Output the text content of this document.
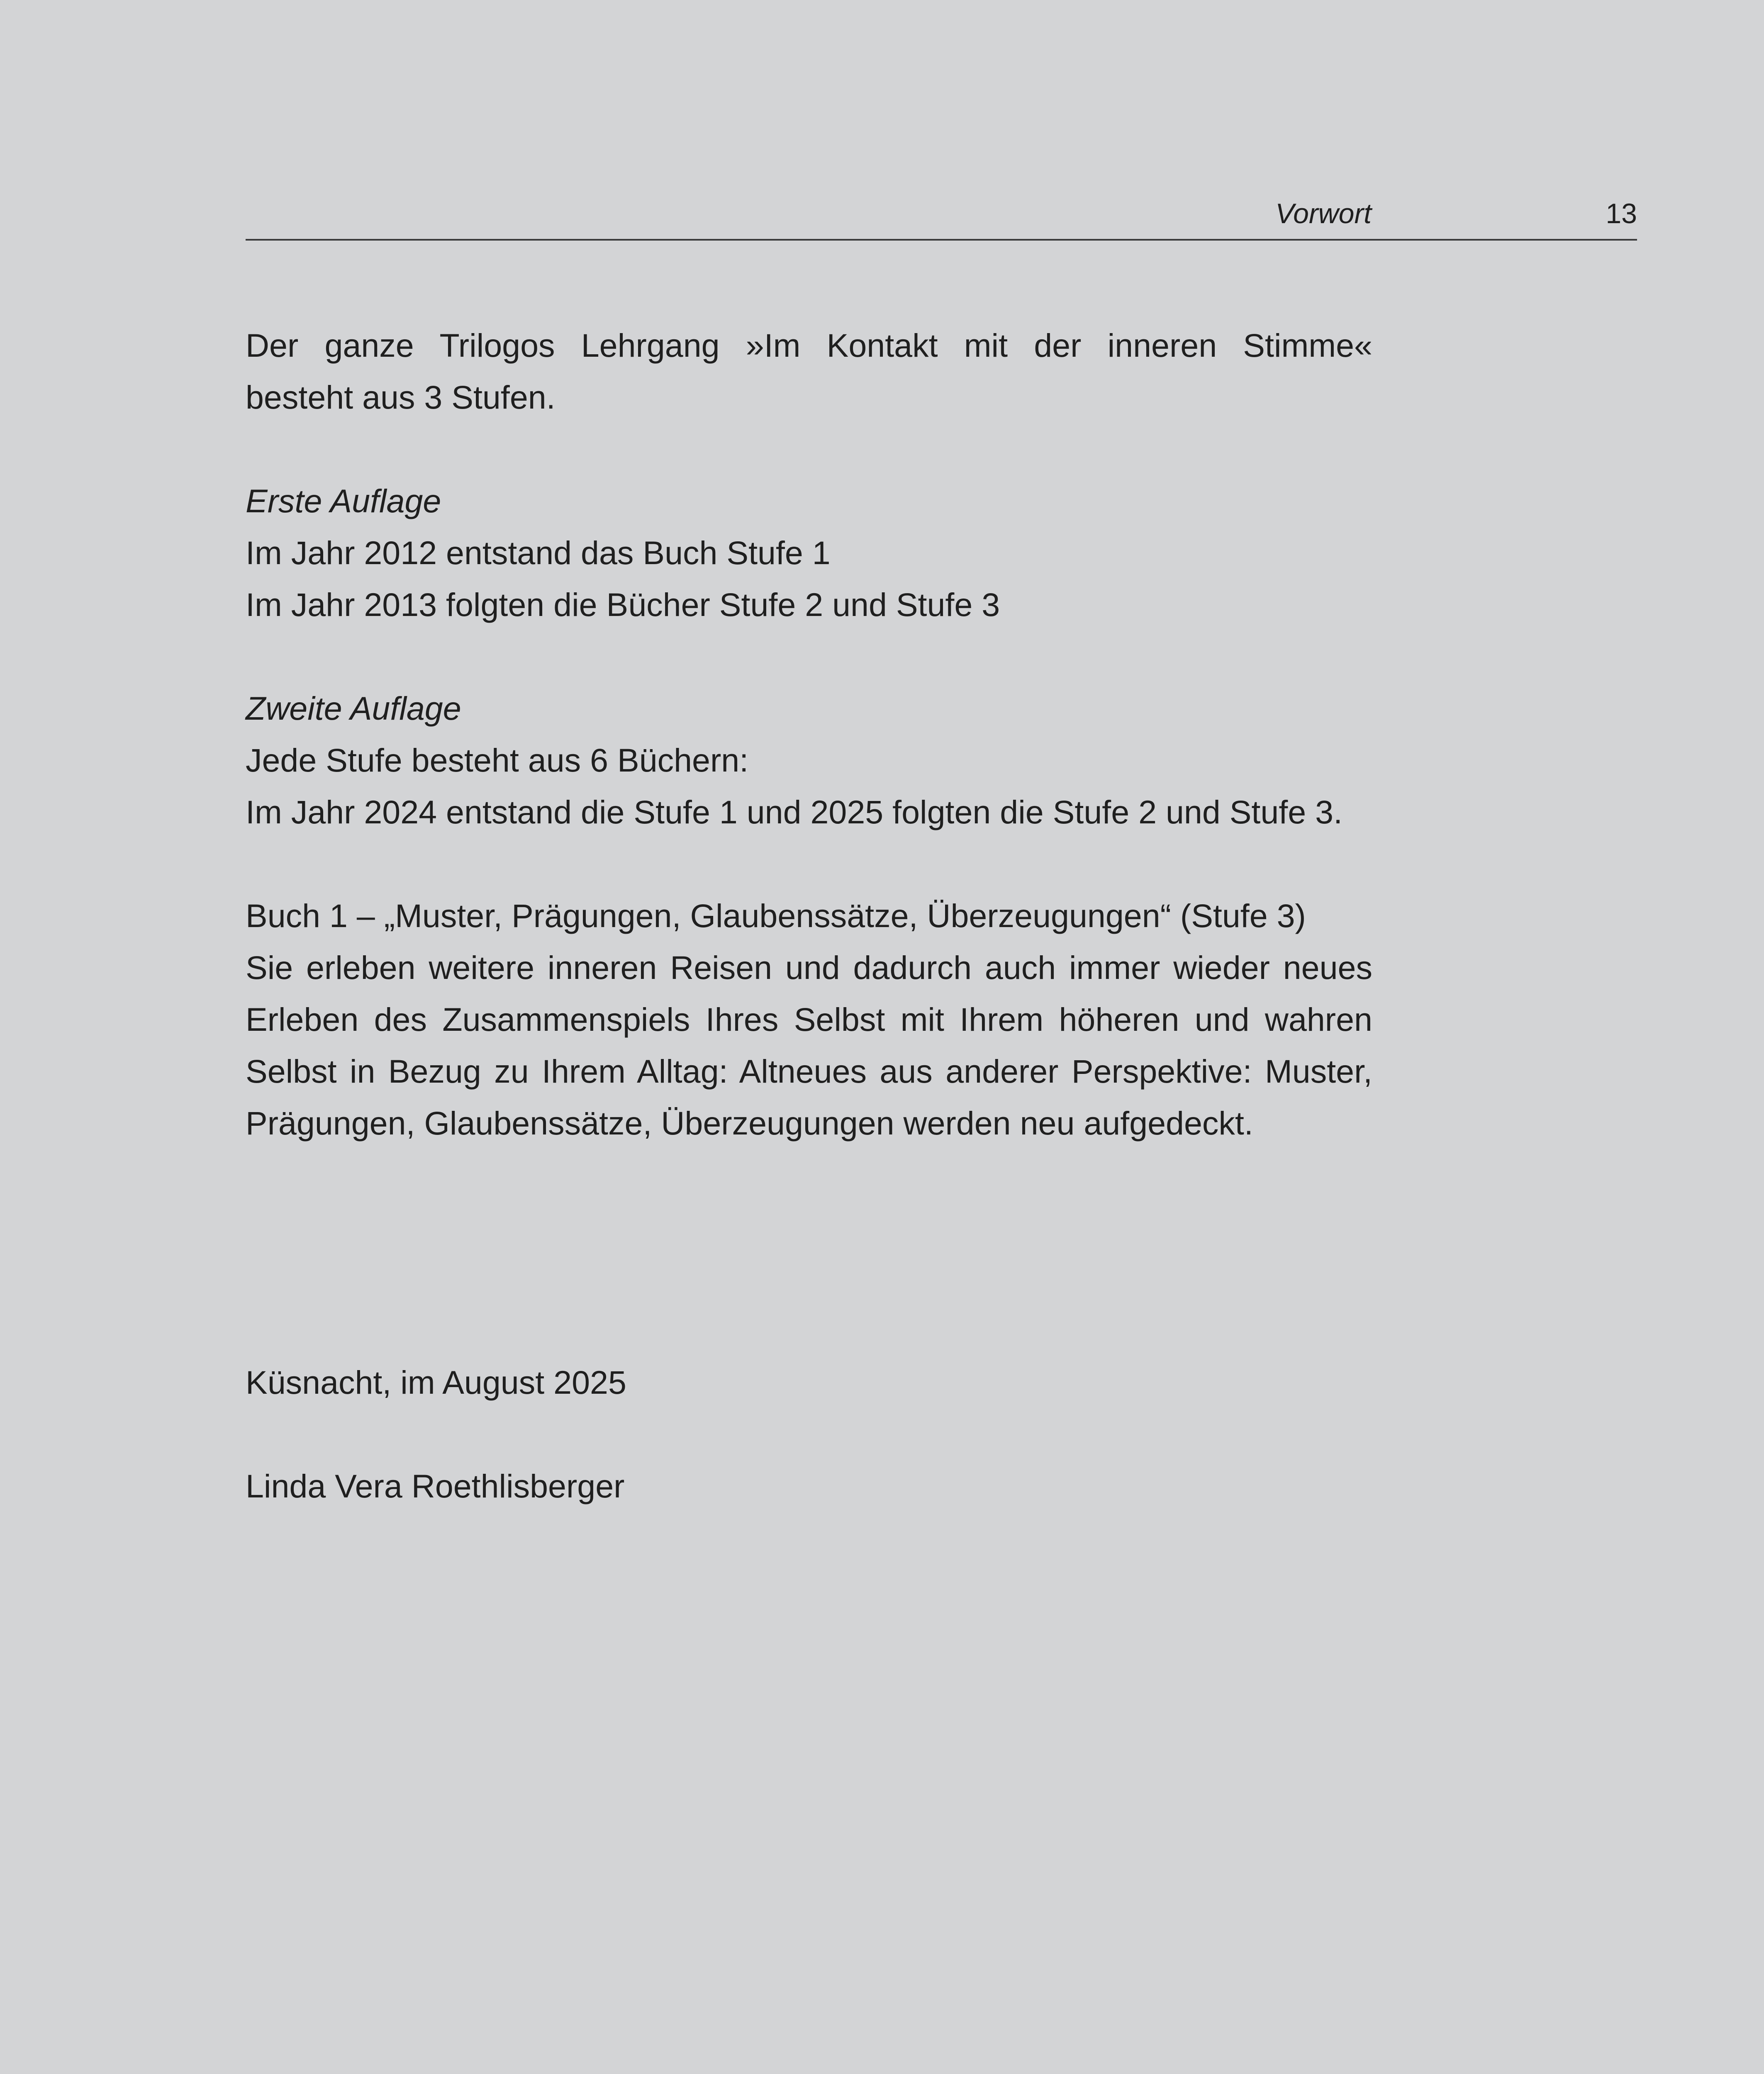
Vorwort	13
Der ganze Trilogos Lehrgang »Im Kontakt mit der inneren Stimme«
besteht aus 3 Stufen.
Erste Auflage
Im Jahr 2012 entstand das Buch Stufe 1
Im Jahr 2013 folgten die Bücher Stufe 2 und Stufe 3
Zweite Auflage
Jede Stufe besteht aus 6 Büchern:
Im Jahr 2024 entstand die Stufe 1 und 2025 folgten die Stufe 2 und Stufe 3.
Buch 1 – „Muster, Prägungen, Glaubenssätze, Überzeugungen“ (Stufe 3)
Sie erleben weitere inneren Reisen und dadurch auch immer wieder neues
Erleben des Zusammenspiels Ihres Selbst mit Ihrem höheren und wahren
Selbst in Bezug zu Ihrem Alltag: Altneues aus anderer Perspektive: Muster,
Prägungen, Glaubenssätze, Überzeugungen werden neu aufgedeckt.
Küsnacht, im August 2025
Linda Vera Roethlisberger
